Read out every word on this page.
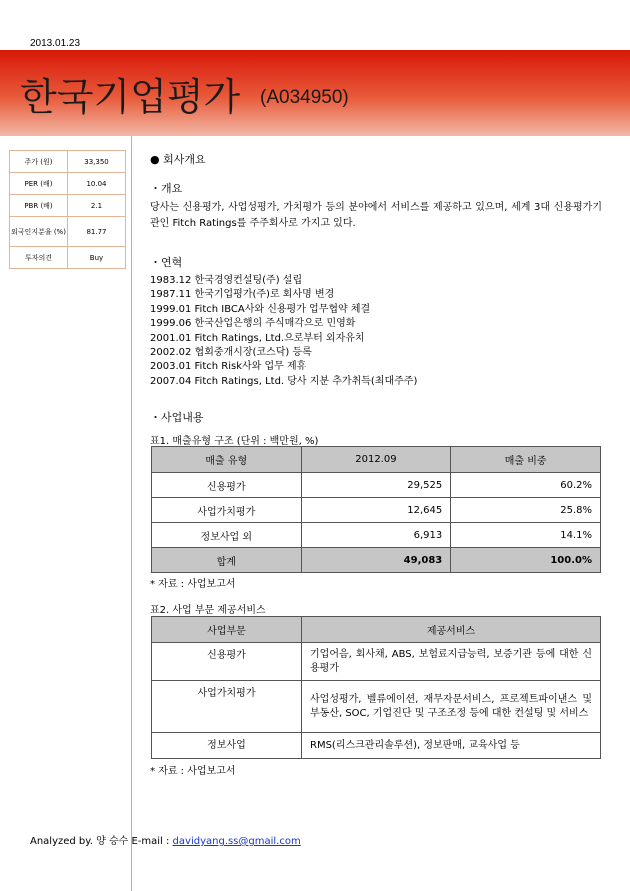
2013.01.23
한국기업평가 (A034950)
주가 (원)	33,350
PER (배)	10.04
PBR (배)	2.1
외국인지분율 (%)	81.77
투자의견	Buy
● 회사개요
・개요
당사는 신용평가, 사업성평가, 가치평가 등의 분야에서 서비스를 제공하고 있으며, 세계 3대 신용평가기관인 Fitch Ratings를 주주회사로 가지고 있다.
・연혁
1983.12 한국경영컨설팅(주) 설립
1987.11 한국기업평가(주)로 회사명 변경
1999.01 Fitch IBCA사와 신용평가 업무협약 체결
1999.06 한국산업은행의 주식매각으로 민영화
2001.01 Fitch Ratings, Ltd.으로부터 외자유치
2002.02 협회중개시장(코스닥) 등록
2003.01 Fitch Risk사와 업무 제휴
2007.04 Fitch Ratings, Ltd. 당사 지분 추가취득(최대주주)
・사업내용
표1. 매출유형 구조 (단위 : 백만원, %)
매출 유형	2012.09	매출 비중
신용평가	29,525	60.2%
사업가치평가	12,645	25.8%
정보사업 외	6,913	14.1%
합계	49,083	100.0%
* 자료 : 사업보고서
표2. 사업 부문 제공서비스
사업부문	제공서비스
신용평가	기업어음, 회사채, ABS, 보험료지급능력, 보증기관 등에 대한 신용평가
사업가치평가	사업성평가, 벨류에이션, 재무자문서비스, 프로젝트파이낸스 및 부동산, SOC, 기업진단 및 구조조정 등에 대한 컨설팅 및 서비스
정보사업	RMS(리스크관리솔루션), 정보판매, 교육사업 등
* 자료 : 사업보고서
Analyzed by. 양 승수 E-mail : davidyang.ss@gmail.com
